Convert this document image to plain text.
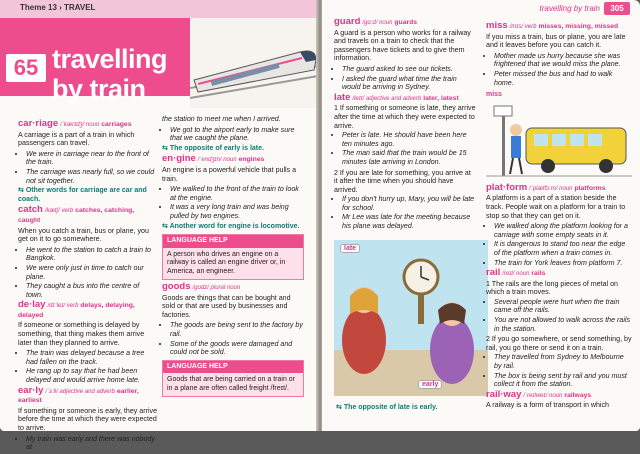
Theme 13 › TRAVEL
65 travelling
by train
car·riage /ˈkærɪdʒ/ noun carriages
A carriage is a part of a train in which passengers can travel.
• We were in carriage near to the front of the train.
• The carriage was nearly full, so we could not sit together.
⇆ Other words for carriage are car and coach.
catch /kætʃ/ verb catches, catching, caught
When you catch a train, bus or plane, you get on it to go somewhere.
• He went to the station to catch a train to Bangkok.
• We were only just in time to catch our plane.
• They caught a bus into the centre of town.
de·lay /dɪˈleɪ/ verb delays, delaying, delayed
If someone or something is delayed by something, that thing makes them arrive later than they planned to arrive.
• The train was delayed because a tree had fallen on the track.
• He rang up to say that he had been delayed and would arrive home late.
ear·ly /ˈɜːli/ adjective and adverb earlier, earliest
If something or someone is early, they arrive before the time at which they were expected to arrive.
• My train was early and there was nobody at
the station to meet me when I arrived.
• We got to the airport early to make sure that we caught the plane.
⇆ The opposite of early is late.
en·gine /ˈendʒɪn/ noun engines
An engine is a powerful vehicle that pulls a train.
• We walked to the front of the train to look at the engine.
• It was a very long train and was being pulled by two engines.
⇆ Another word for engine is locomotive.
LANGUAGE HELP
A person who drives an engine on a railway is called an engine driver or, in America, an engineer.
goods /gʊdz/ plural noun
Goods are things that can be bought and sold or that are used by businesses and factories.
• The goods are being sent to the factory by rail.
• Some of the goods were damaged and could not be sold.
LANGUAGE HELP
Goods that are being carried on a train or in a plane are often called freight /freɪt/.
travelling by train	305
guard /gɑːd/ noun guards
A guard is a person who works for a railway and travels on a train to check that the passengers have tickets and to give them information.
• The guard asked to see our tickets.
• I asked the guard what time the train would be arriving in Sydney.
late /leɪt/ adjective and adverb later, latest
1 If something or someone is late, they arrive after the time at which they were expected to arrive.
• Peter is late. He should have been here ten minutes ago.
• The man said that the train would be 15 minutes late arriving in London.
2 If you are late for something, you arrive at it after the time when you should have arrived.
• If you don't hurry up, Mary, you will be late for school.
• Mr Lee was late for the meeting because his plane was delayed.
late
early
⇆ The opposite of late is early.
miss /mɪs/ verb misses, missing, missed
If you miss a train, bus or plane, you are late and it leaves before you can catch it.
• Mother made us hurry because she was frightened that we would miss the plane.
• Peter missed the bus and had to walk home.
miss
plat·form /ˈplætfɔːm/ noun platforms
A platform is a part of a station beside the track. People wait on a platform for a train to stop so that they can get on it.
• We walked along the platform looking for a carriage with some empty seats in it.
• It is dangerous to stand too near the edge of the platform when a train comes in.
• The train for York leaves from platform 7.
rail /reɪl/ noun rails
1 The rails are the long pieces of metal on which a train moves.
• Several people were hurt when the train came off the rails.
• You are not allowed to walk across the rails in the station.
2 If you go somewhere, or send something, by rail, you go there or send it on a train.
• They travelled from Sydney to Melbourne by rail.
• The box is being sent by rail and you must collect it from the station.
rail·way /ˈreɪlweɪ/ noun railways
A railway is a form of transport in which
